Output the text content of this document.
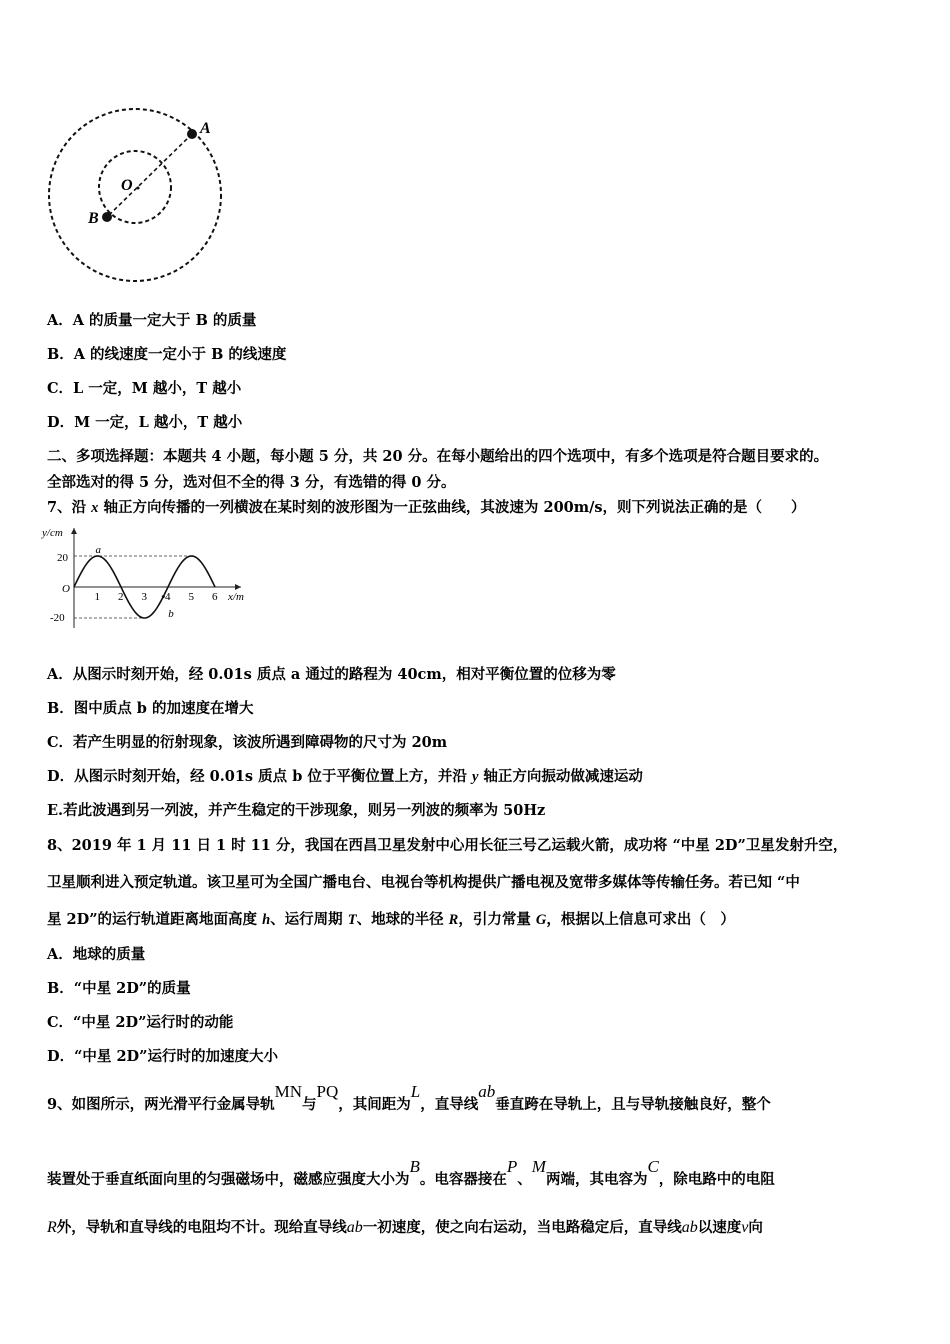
A
O
B
A．A 的质量一定大于 B 的质量
B．A 的线速度一定小于 B 的线速度
C．L 一定，M 越小，T 越小
D．M 一定，L 越小，T 越小
二、多项选择题：本题共 4 小题，每小题 5 分，共 20 分。在每小题给出的四个选项中，有多个选项是符合题目要求的。
全部选对的得 5 分，选对但不全的得 3 分，有选错的得 0 分。
7、沿 x 轴正方向传播的一列横波在某时刻的波形图为一正弦曲线，其波速为 200m/s，则下列说法正确的是（　　）
y/cm
x/m
O
20
-20
1 2 3 4 5 6
a
b
A．从图示时刻开始，经 0.01s 质点 a 通过的路程为 40cm，相对平衡位置的位移为零
B．图中质点 b 的加速度在增大
C．若产生明显的衍射现象，该波所遇到障碍物的尺寸为 20m
D．从图示时刻开始，经 0.01s 质点 b 位于平衡位置上方，并沿 y 轴正方向振动做减速运动
E.若此波遇到另一列波，并产生稳定的干涉现象，则另一列波的频率为 50Hz
8、2019 年 1 月 11 日 1 时 11 分，我国在西昌卫星发射中心用长征三号乙运载火箭，成功将 “中星 2D”卫星发射升空，
卫星顺利进入预定轨道。该卫星可为全国广播电台、电视台等机构提供广播电视及宽带多媒体等传输任务。若已知 “中
星 2D”的运行轨道距离地面高度 h、运行周期 T、地球的半径 R，引力常量 G，根据以上信息可求出（　）
A．地球的质量
B．“中星 2D”的质量
C．“中星 2D”运行时的动能
D．“中星 2D”运行时的加速度大小
9、如图所示，两光滑平行金属导轨MN与PQ，其间距为L，直导线ab垂直跨在导轨上，且与导轨接触良好，整个
装置处于垂直纸面向里的匀强磁场中，磁感应强度大小为B。电容器接在P、M两端，其电容为C，除电路中的电阻
R外，导轨和直导线的电阻均不计。现给直导线ab一初速度，使之向右运动，当电路稳定后，直导线ab以速度v向
